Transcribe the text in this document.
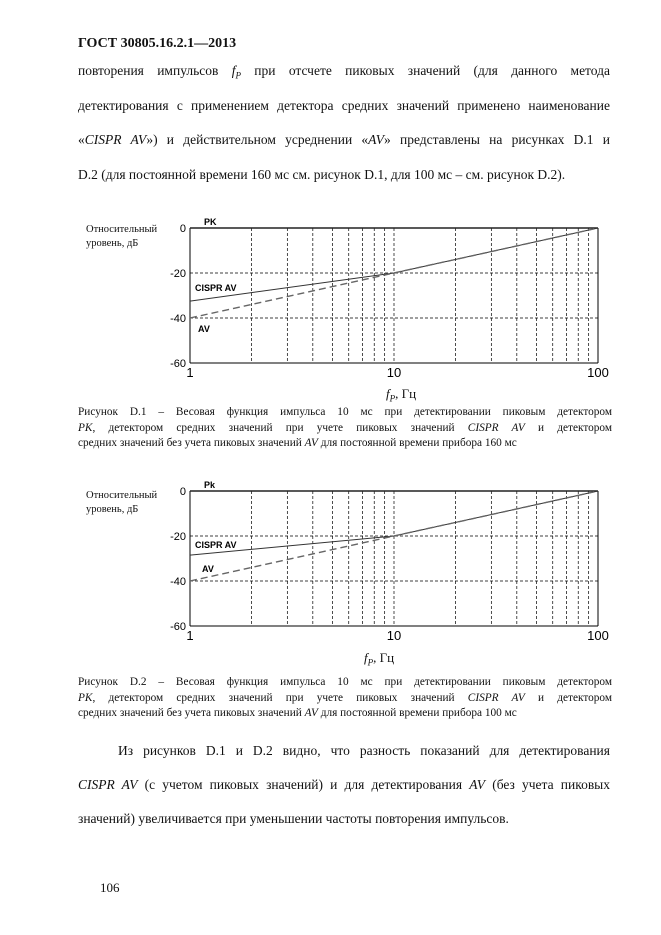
ГОСТ 30805.16.2.1—2013
повторения импульсов $f_P$ при отсчете пиковых значений (для данного метода
детектирования с применением детектора средних значений применено наименование
«CISPR AV») и действительном усреднении «AV» представлены на рисунках D.1 и
D.2 (для постоянной времени 160 мс см. рисунок D.1, для 100 мс – см. рисунок D.2).
Относительный
уровень, дБ
0
-20
-40
-60
1	10	100
PK
CISPR AV
AV
$f_P$, Гц
Рисунок D.1 – Весовая функция импульса 10 мс при детектировании пиковым детектором
PK, детектором средних значений при учете пиковых значений CISPR AV и детектором
средних значений без учета пиковых значений AV для постоянной времени прибора 160 мс
Относительный
уровень, дБ
0
-20
-40
-60
1	10	100
Pk
CISPR AV
AV
$f_P$, Гц
Рисунок D.2 – Весовая функция импульса 10 мс при детектировании пиковым детектором
PK, детектором средних значений при учете пиковых значений CISPR AV и детектором
средних значений без учета пиковых значений AV для постоянной времени прибора 100 мс
Из рисунков D.1 и D.2 видно, что разность показаний для детектирования
CISPR AV (с учетом пиковых значений) и для детектирования AV (без учета пиковых
значений) увеличивается при уменьшении частоты повторения импульсов.
106
